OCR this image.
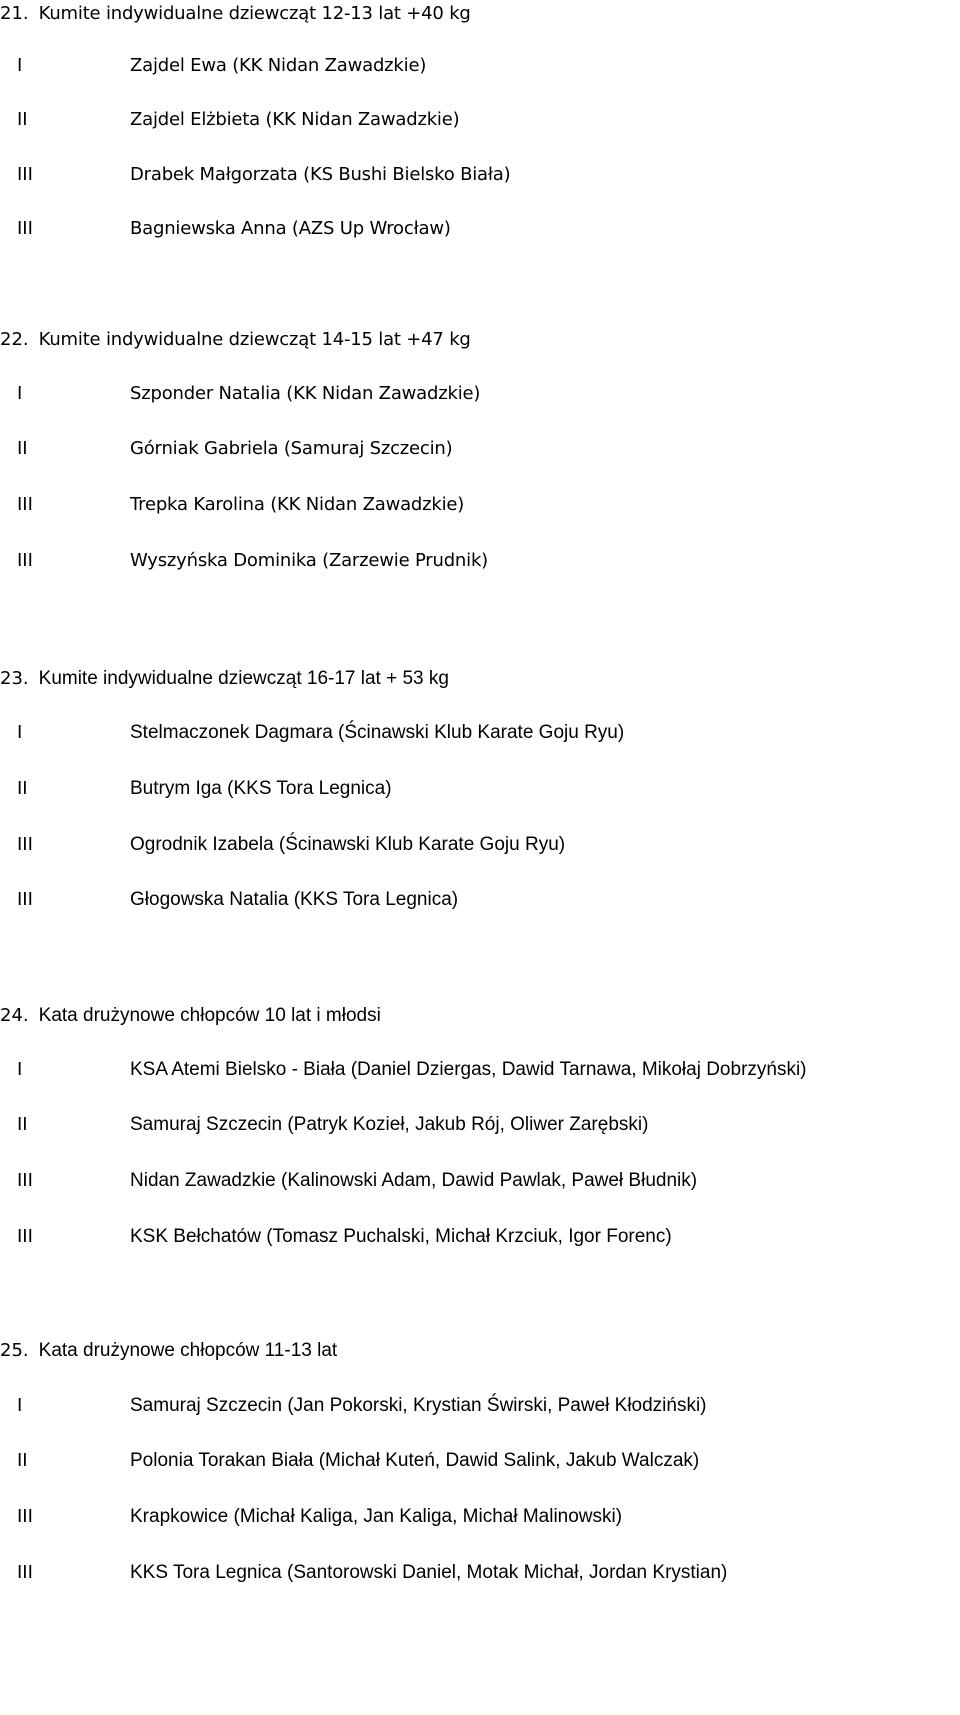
21. Kumite indywidualne dziewcząt 12-13 lat +40 kg
I	Zajdel Ewa (KK Nidan Zawadzkie)
II	Zajdel Elżbieta (KK Nidan Zawadzkie)
III	Drabek Małgorzata (KS Bushi Bielsko Biała)
III	Bagniewska Anna (AZS Up Wrocław)
22. Kumite indywidualne dziewcząt 14-15 lat +47 kg
I	Szponder Natalia (KK Nidan Zawadzkie)
II	Górniak Gabriela (Samuraj Szczecin)
III	Trepka Karolina (KK Nidan Zawadzkie)
III	Wyszyńska Dominika (Zarzewie Prudnik)
23. Kumite indywidualne dziewcząt 16-17 lat + 53 kg
I	Stelmaczonek Dagmara (Ścinawski Klub Karate Goju Ryu)
II	Butrym Iga (KKS Tora Legnica)
III	Ogrodnik Izabela (Ścinawski Klub Karate Goju Ryu)
III	Głogowska Natalia (KKS Tora Legnica)
24. Kata drużynowe chłopców 10 lat i młodsi
I	KSA Atemi Bielsko - Biała (Daniel Dziergas, Dawid Tarnawa, Mikołaj Dobrzyński)
II	Samuraj Szczecin (Patryk Kozieł, Jakub Rój, Oliwer Zarębski)
III	Nidan Zawadzkie (Kalinowski Adam, Dawid Pawlak, Paweł Błudnik)
III	KSK Bełchatów (Tomasz Puchalski, Michał Krzciuk, Igor Forenc)
25. Kata drużynowe chłopców 11-13 lat
I	Samuraj Szczecin (Jan Pokorski, Krystian Świrski, Paweł Kłodziński)
II	Polonia Torakan Biała (Michał Kuteń, Dawid Salink, Jakub Walczak)
III	Krapkowice (Michał Kaliga, Jan Kaliga, Michał Malinowski)
III	KKS Tora Legnica (Santorowski Daniel, Motak Michał, Jordan Krystian)
